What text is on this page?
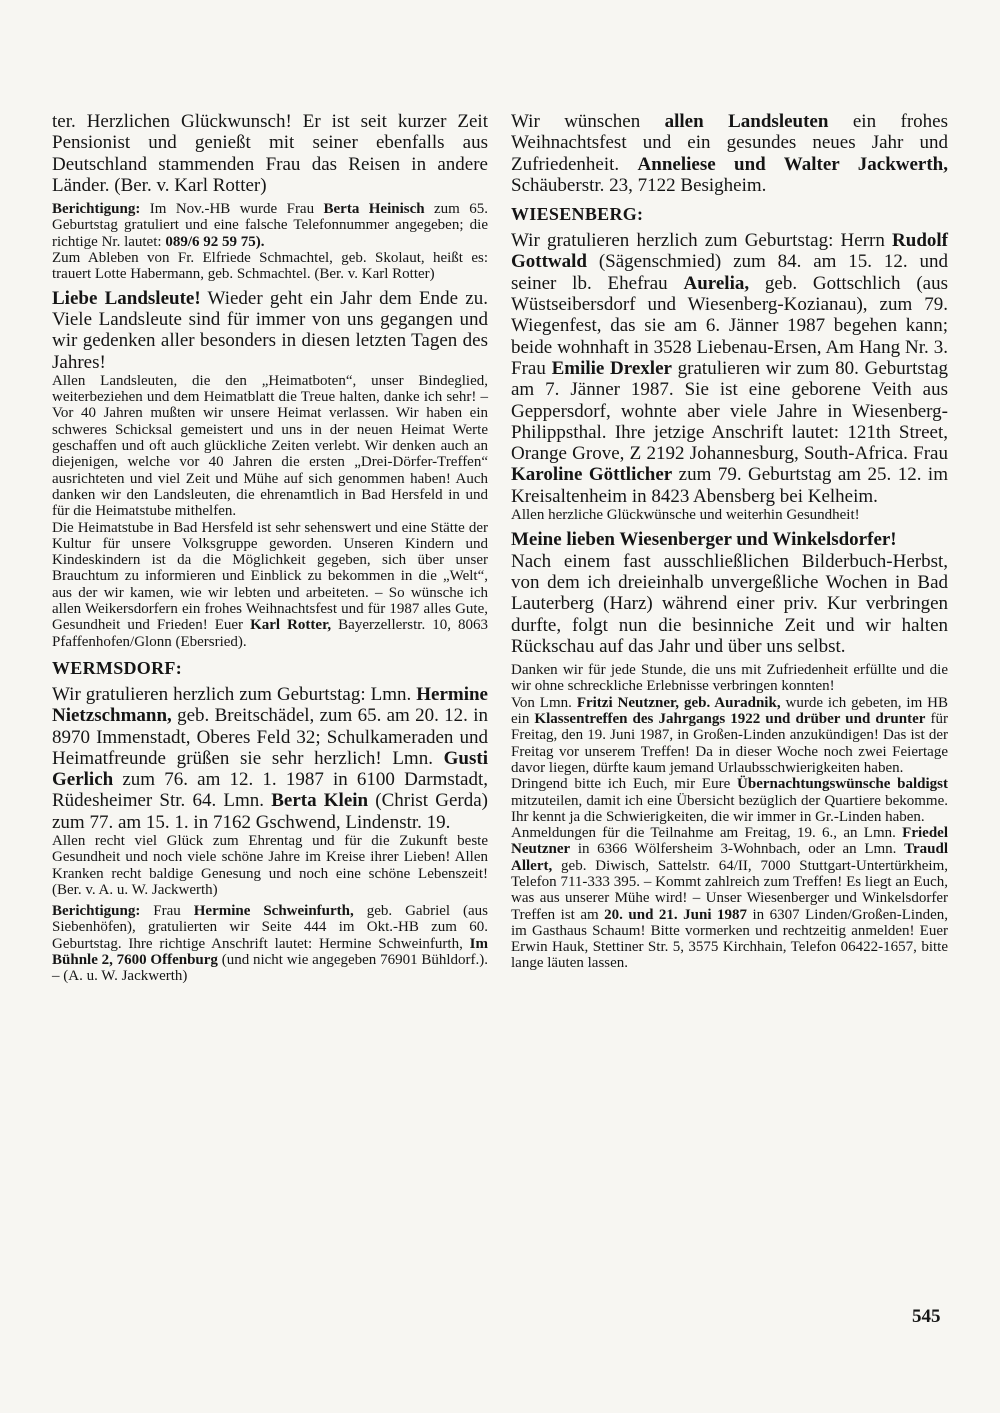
ter. Herzlichen Glückwunsch! Er ist seit kurzer Zeit Pensionist und genießt mit seiner ebenfalls aus Deutschland stammenden Frau das Reisen in andere Länder. (Ber. v. Karl Rotter)

Berichtigung: Im Nov.-HB wurde Frau Berta Heinisch zum 65. Geburtstag gratuliert und eine falsche Telefonnummer angegeben; die richtige Nr. lautet: 089/6 92 59 75).

Zum Ableben von Fr. Elfriede Schmachtel, geb. Skolaut, heißt es: trauert Lotte Habermann, geb. Schmachtel. (Ber. v. Karl Rotter)

Liebe Landsleute! Wieder geht ein Jahr dem Ende zu. Viele Landsleute sind für immer von uns gegangen und wir gedenken aller besonders in diesen letzten Tagen des Jahres!

Allen Landsleuten, die den „Heimatboten“, unser Bindeglied, weiterbeziehen und dem Heimatblatt die Treue halten, danke ich sehr! – Vor 40 Jahren mußten wir unsere Heimat verlassen. Wir haben ein schweres Schicksal gemeistert und uns in der neuen Heimat Werte geschaffen und oft auch glückliche Zeiten verlebt. Wir denken auch an diejenigen, welche vor 40 Jahren die ersten „Drei-Dörfer-Treffen“ ausrichteten und viel Zeit und Mühe auf sich genommen haben! Auch danken wir den Landsleuten, die ehrenamtlich in Bad Hersfeld in und für die Heimatstube mithelfen.

Die Heimatstube in Bad Hersfeld ist sehr sehenswert und eine Stätte der Kultur für unsere Volksgruppe geworden. Unseren Kindern und Kindeskindern ist da die Möglichkeit gegeben, sich über unser Brauchtum zu informieren und Einblick zu bekommen in die „Welt“, aus der wir kamen, wie wir lebten und arbeiteten. – So wünsche ich allen Weikersdorfern ein frohes Weihnachtsfest und für 1987 alles Gute, Gesundheit und Frieden! Euer Karl Rotter, Bayerzellerstr. 10, 8063 Pfaffenhofen/Glonn (Ebersried).

WERMSDORF:

Wir gratulieren herzlich zum Geburtstag: Lmn. Hermine Nietzschmann, geb. Breitschädel, zum 65. am 20. 12. in 8970 Immenstadt, Oberes Feld 32; Schulkameraden und Heimatfreunde grüßen sie sehr herzlich! Lmn. Gusti Gerlich zum 76. am 12. 1. 1987 in 6100 Darmstadt, Rüdesheimer Str. 64. Lmn. Berta Klein (Christ Gerda) zum 77. am 15. 1. in 7162 Gschwend, Lindenstr. 19.

Allen recht viel Glück zum Ehrentag und für die Zukunft beste Gesundheit und noch viele schöne Jahre im Kreise ihrer Lieben! Allen Kranken recht baldige Genesung und noch eine schöne Lebenszeit! (Ber. v. A. u. W. Jackwerth)

Berichtigung: Frau Hermine Schweinfurth, geb. Gabriel (aus Siebenhöfen), gratulierten wir Seite 444 im Okt.-HB zum 60. Geburtstag. Ihre richtige Anschrift lautet: Hermine Schweinfurth, Im Bühnle 2, 7600 Offenburg (und nicht wie angegeben 76901 Bühldorf.). – (A. u. W. Jackwerth)

Wir wünschen allen Landsleuten ein frohes Weihnachtsfest und ein gesundes neues Jahr und Zufriedenheit. Anneliese und Walter Jackwerth, Schäuberstr. 23, 7122 Besigheim.

WIESENBERG:

Wir gratulieren herzlich zum Geburtstag: Herrn Rudolf Gottwald (Sägenschmied) zum 84. am 15. 12. und seiner lb. Ehefrau Aurelia, geb. Gottschlich (aus Wüstseibersdorf und Wiesenberg-Kozianau), zum 79. Wiegenfest, das sie am 6. Jänner 1987 begehen kann; beide wohnhaft in 3528 Liebenau-Ersen, Am Hang Nr. 3. Frau Emilie Drexler gratulieren wir zum 80. Geburtstag am 7. Jänner 1987. Sie ist eine geborene Veith aus Geppersdorf, wohnte aber viele Jahre in Wiesenberg-Philippsthal. Ihre jetzige Anschrift lautet: 121th Street, Orange Grove, Z 2192 Johannesburg, South-Africa. Frau Karoline Göttlicher zum 79. Geburtstag am 25. 12. im Kreisaltenheim in 8423 Abensberg bei Kelheim.

Allen herzliche Glückwünsche und weiterhin Gesundheit!

Meine lieben Wiesenberger und Winkelsdorfer!

Nach einem fast ausschließlichen Bilderbuch-Herbst, von dem ich dreieinhalb unvergeßliche Wochen in Bad Lauterberg (Harz) während einer priv. Kur verbringen durfte, folgt nun die besinniche Zeit und wir halten Rückschau auf das Jahr und über uns selbst.

Danken wir für jede Stunde, die uns mit Zufriedenheit erfüllte und die wir ohne schreckliche Erlebnisse verbringen konnten!

Von Lmn. Fritzi Neutzner, geb. Auradnik, wurde ich gebeten, im HB ein Klassentreffen des Jahrgangs 1922 und drüber und drunter für Freitag, den 19. Juni 1987, in Großen-Linden anzukündigen! Das ist der Freitag vor unserem Treffen! Da in dieser Woche noch zwei Feiertage davor liegen, dürfte kaum jemand Urlaubsschwierigkeiten haben.

Dringend bitte ich Euch, mir Eure Übernachtungswünsche baldigst mitzuteilen, damit ich eine Übersicht bezüglich der Quartiere bekomme. Ihr kennt ja die Schwierigkeiten, die wir immer in Gr.-Linden haben.

Anmeldungen für die Teilnahme am Freitag, 19. 6., an Lmn. Friedel Neutzner in 6366 Wölfersheim 3-Wohnbach, oder an Lmn. Traudl Allert, geb. Diwisch, Sattelstr. 64/II, 7000 Stuttgart-Untertürkheim, Telefon 711-333 395. – Kommt zahlreich zum Treffen! Es liegt an Euch, was aus unserer Mühe wird! – Unser Wiesenberger und Winkelsdorfer Treffen ist am 20. und 21. Juni 1987 in 6307 Linden/Großen-Linden, im Gasthaus Schaum! Bitte vormerken und rechtzeitig anmelden! Euer Erwin Hauk, Stettiner Str. 5, 3575 Kirchhain, Telefon 06422-1657, bitte lange läuten lassen.

545
